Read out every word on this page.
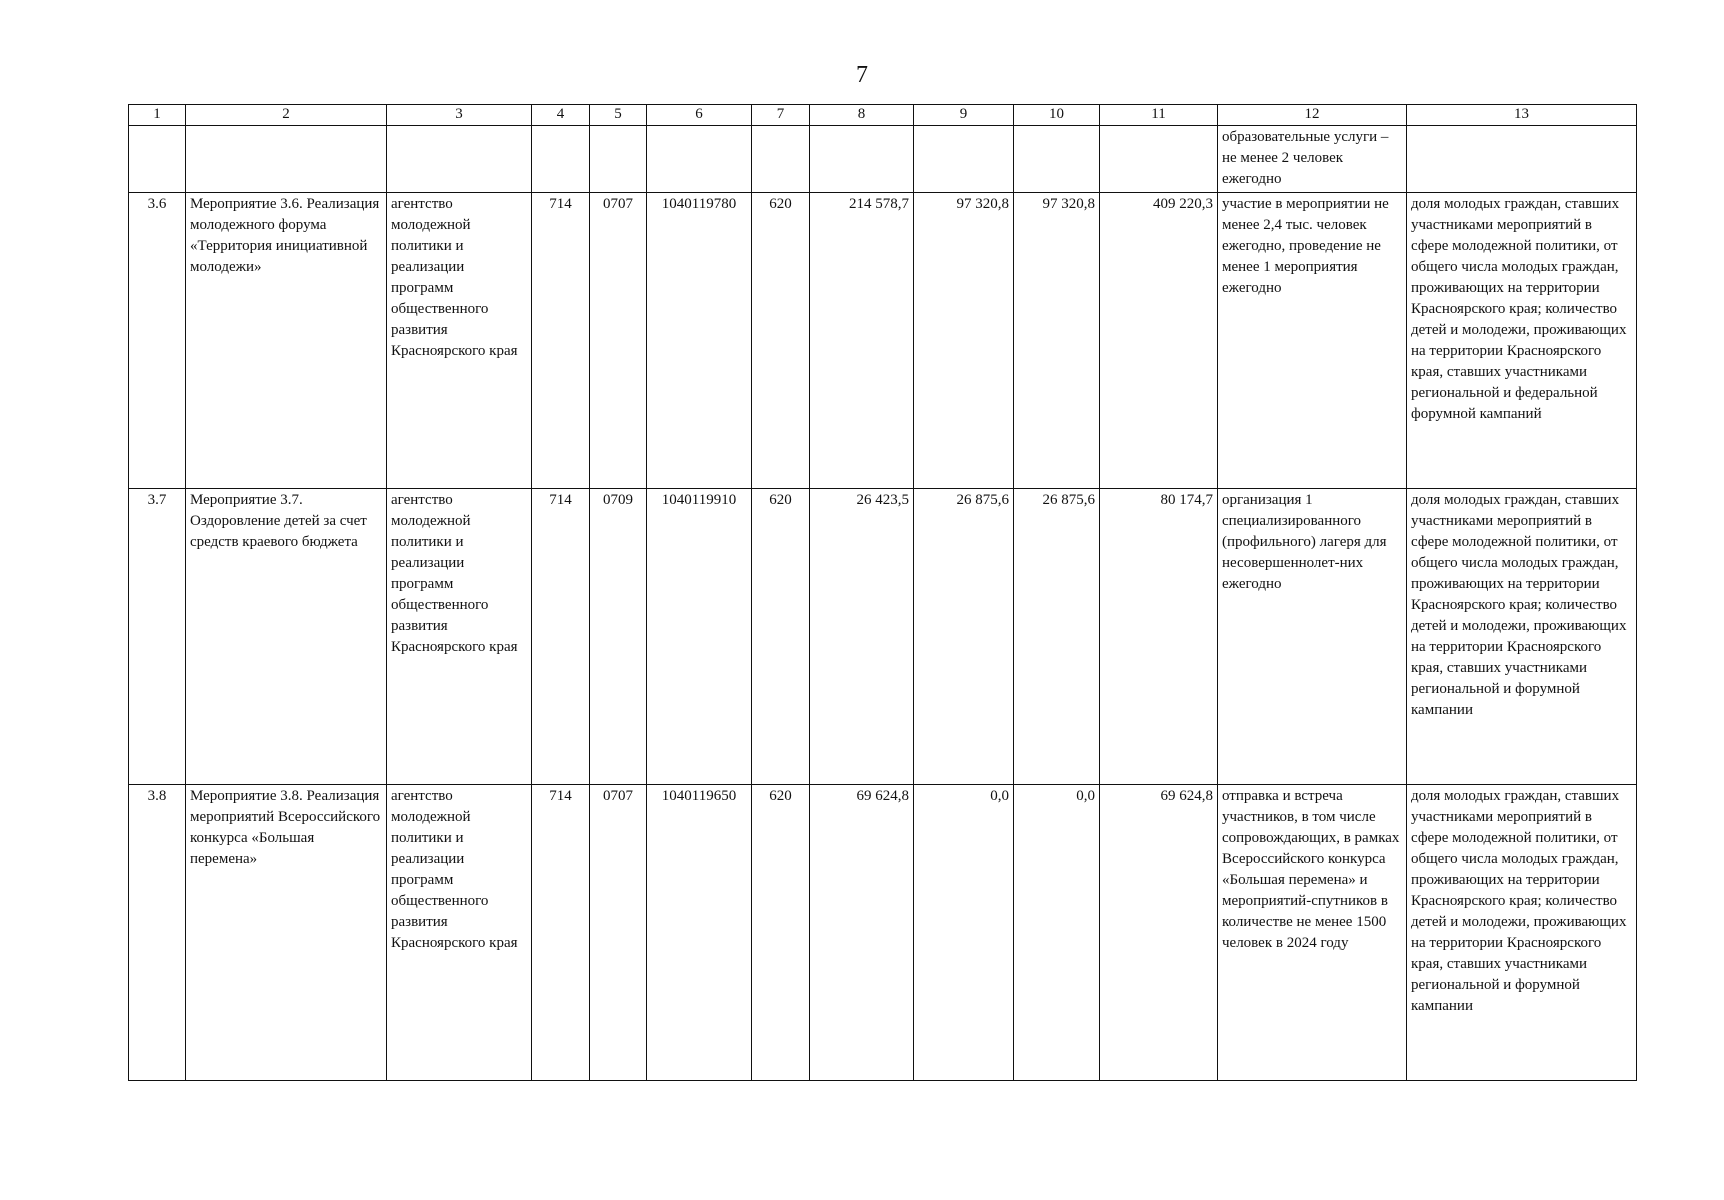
7
1	2	3	4	5	6	7	8	9	10	11	12	13
											образовательные услуги – не менее 2 человек ежегодно	
3.6	Мероприятие 3.6. Реализация молодежного форума «Территория инициативной молодежи»	агентство молодежной политики и реализации программ общественного развития Красноярского края	714	0707	1040119780	620	214 578,7	97 320,8	97 320,8	409 220,3	участие в мероприятии не менее 2,4 тыс. человек ежегодно, проведение не менее 1 мероприятия ежегодно	доля молодых граждан, ставших участниками мероприятий в сфере молодежной политики, от общего числа молодых граждан, проживающих на территории Красноярского края; количество детей и молодежи, проживающих на территории Красноярского края, ставших участниками региональной и федеральной форумной кампаний
3.7	Мероприятие 3.7. Оздоровление детей за счет средств краевого бюджета	агентство молодежной политики и реализации программ общественного развития Красноярского края	714	0709	1040119910	620	26 423,5	26 875,6	26 875,6	80 174,7	организация 1 специализированного (профильного) лагеря для несовершеннолет-них ежегодно	доля молодых граждан, ставших участниками мероприятий в сфере молодежной политики, от общего числа молодых граждан, проживающих на территории Красноярского края; количество детей и молодежи, проживающих на территории Красноярского края, ставших участниками региональной и форумной кампании
3.8	Мероприятие 3.8. Реализация мероприятий Всероссийского конкурса «Большая перемена»	агентство молодежной политики и реализации программ общественного развития Красноярского края	714	0707	1040119650	620	69 624,8	0,0	0,0	69 624,8	отправка и встреча участников, в том числе сопровождающих, в рамках Всероссийского конкурса «Большая перемена» и мероприятий-спутников в количестве не менее 1500 человек в 2024 году	доля молодых граждан, ставших участниками мероприятий в сфере молодежной политики, от общего числа молодых граждан, проживающих на территории Красноярского края; количество детей и молодежи, проживающих на территории Красноярского края, ставших участниками региональной и форумной кампании
